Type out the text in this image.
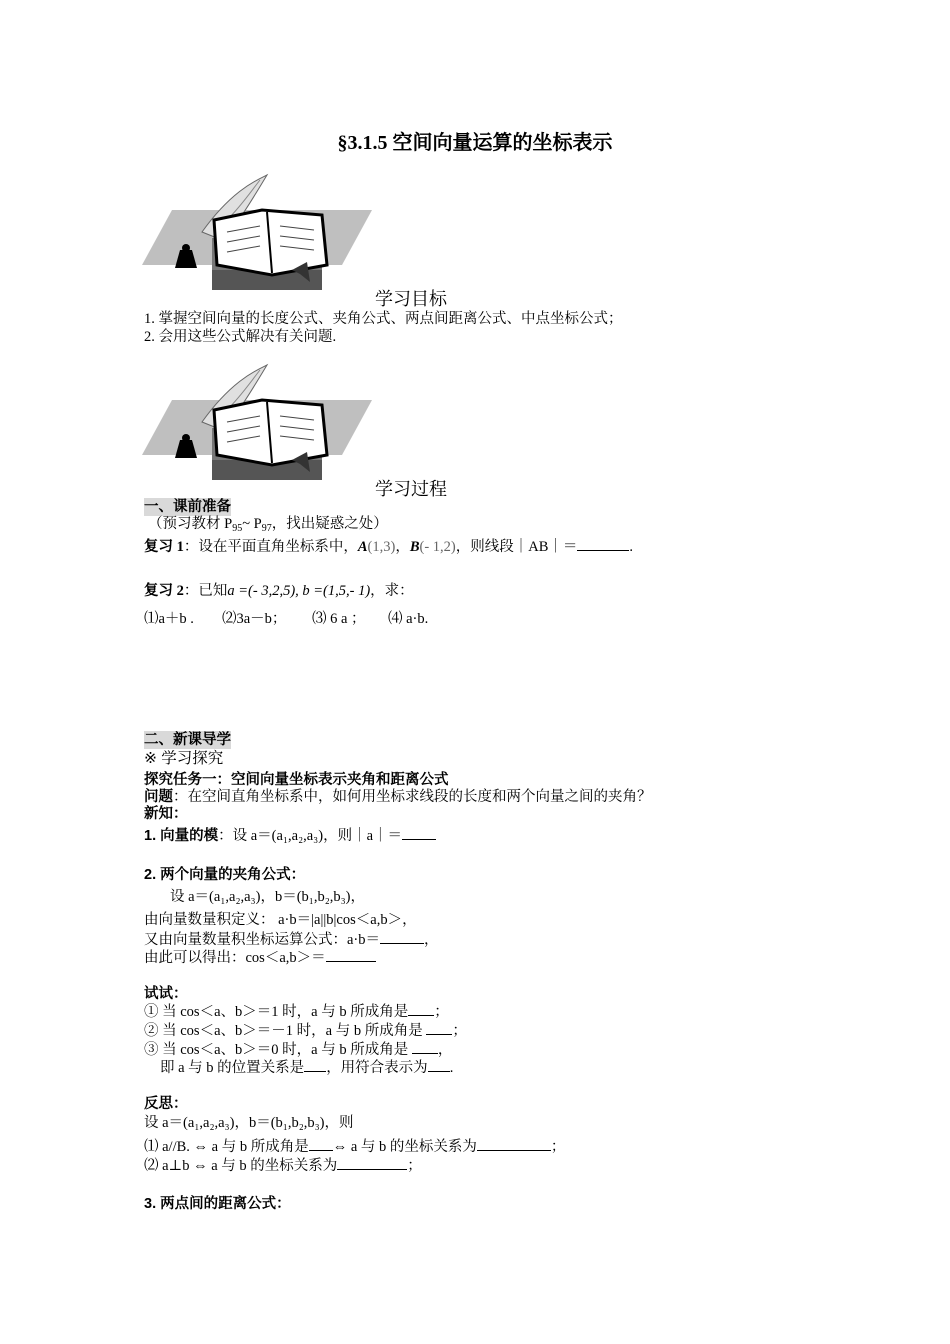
§3.1.5 空间向量运算的坐标表示
学习目标
1. 掌握空间向量的长度公式、夹角公式、两点间距离公式、中点坐标公式；
2. 会用这些公式解决有关问题.
学习过程
一、课前准备
（预习教材 $P_{95}\sim$ $P_{97}$，找出疑惑之处）
复习 1：设在平面直角坐标系中，A(1,3)，B(- 1,2)，则线段｜AB｜＝	.
复习 2：已知a =(- 3,2,5), b =(1,5,- 1)，求：
⑴a＋b . ⑵3a－b； ⑶ 6 a ； ⑷ a·b.
二、新课导学
※ 学习探究
探究任务一：空间向量坐标表示夹角和距离公式
问题：在空间直角坐标系中，如何用坐标求线段的长度和两个向量之间的夹角？
新知：
1. 向量的模：设 a＝(a₁,a₂,a₃)，则｜a｜＝
2. 两个向量的夹角公式：
设 a＝(a₁,a₂,a₃)，b＝(b₁,b₂,b₃)，
由向量数量积定义： a·b＝|a||b|cos＜a,b＞，
又由向量数量积坐标运算公式：a·b＝	，
由此可以得出：cos＜a,b＞＝
试试：
① 当 cos＜a、b＞＝1 时，a 与 b 所成角是 ；
② 当 cos＜a、b＞＝－1 时，a 与 b 所成角是 ；
③ 当 cos＜a、b＞＝0 时，a 与 b 所成角是 ，
即 a 与 b 的位置关系是 ，用符合表示为 .
反思：
设 a＝(a₁,a₂,a₃)，b＝(b₁,b₂,b₃)，则
⑴ a//B. ⇔ a 与 b 所成角是 ⇔ a 与 b 的坐标关系为	；
⑵ a⊥b ⇔ a 与 b 的坐标关系为	；
3. 两点间的距离公式：
